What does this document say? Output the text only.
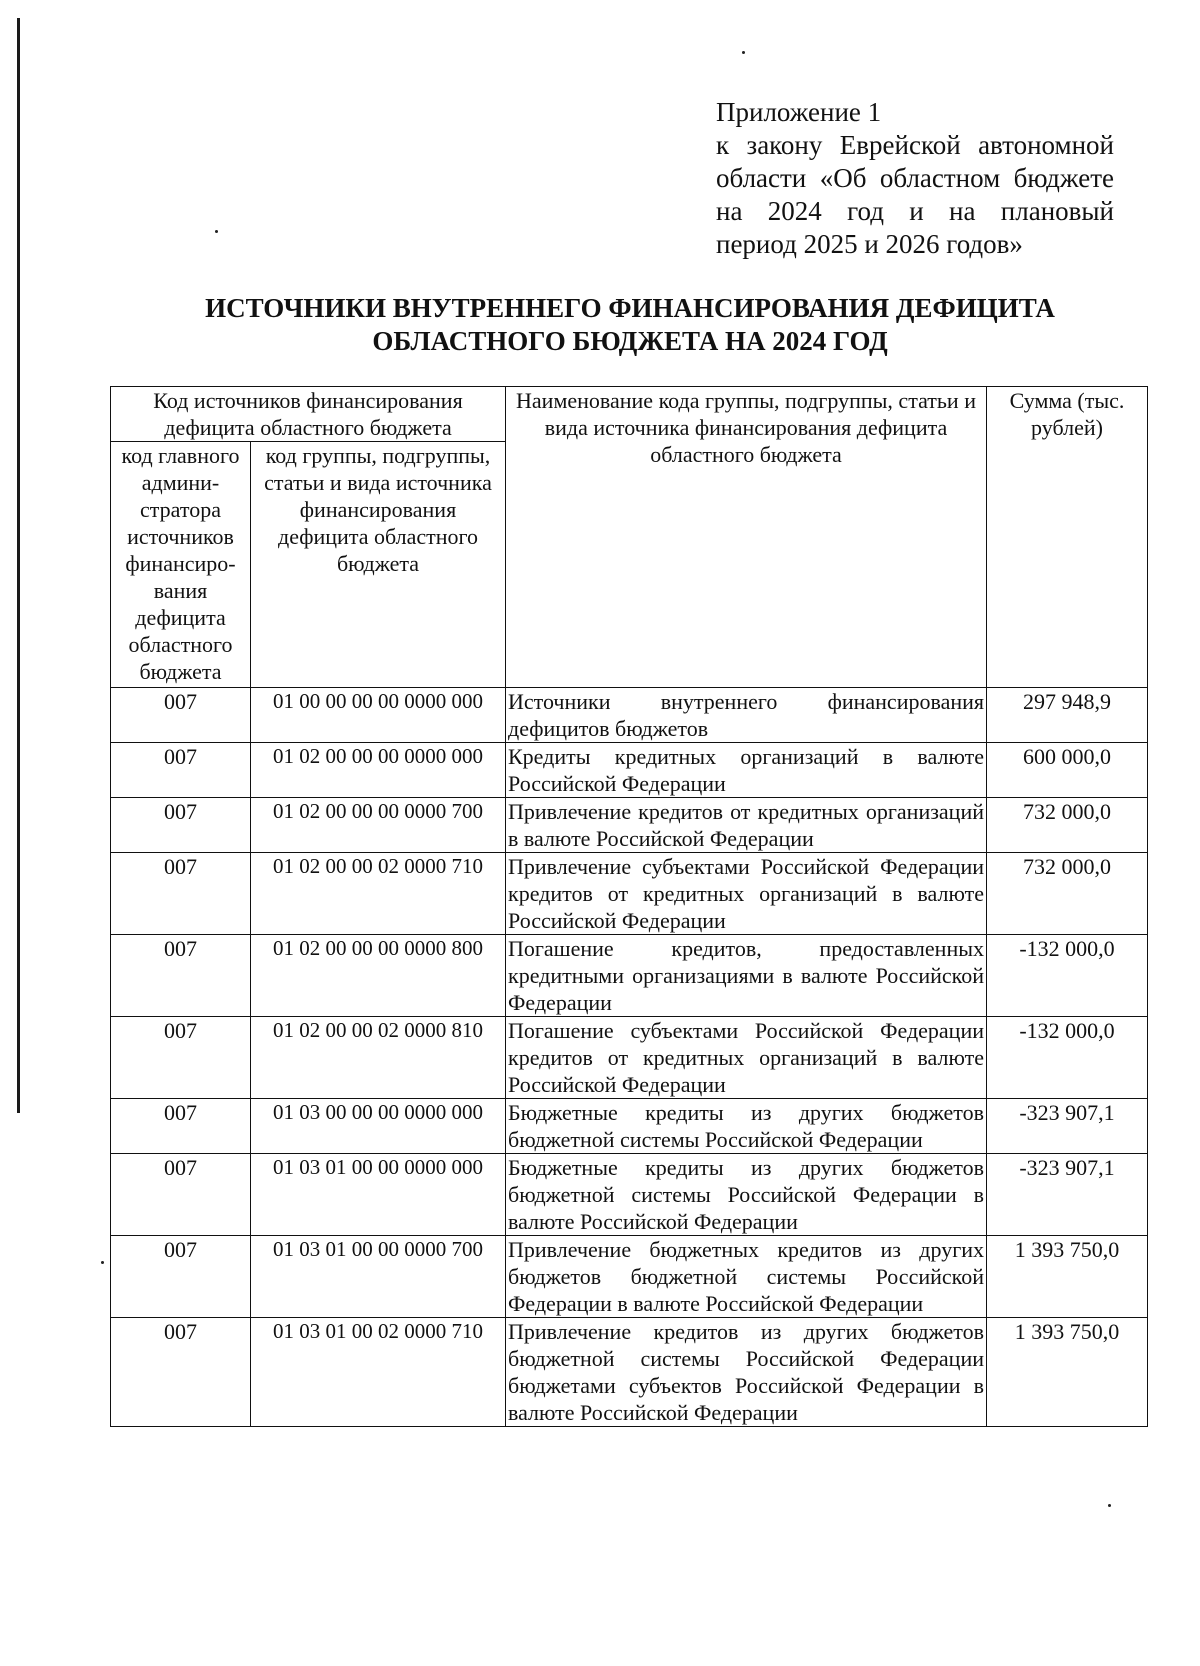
Приложение 1
к закону Еврейской автономной
области «Об областном бюджете
на 2024 год и на плановый
период 2025 и 2026 годов»
ИСТОЧНИКИ ВНУТРЕННЕГО ФИНАНСИРОВАНИЯ ДЕФИЦИТА
ОБЛАСТНОГО БЮДЖЕТА НА 2024 ГОД
Код источников финансирования дефицита областного бюджета		Наименование кода группы, подгруппы, статьи и вида источника финансирования дефицита областного бюджета	Сумма (тыс. рублей)
код главного админи-стратора источников финансиро-вания дефицита областного бюджета	код группы, подгруппы, статьи и вида источника финансирования дефицита областного бюджета		
007	01 00 00 00 00 0000 000	Источники внутреннего финансирования дефицитов бюджетов	297 948,9
007	01 02 00 00 00 0000 000	Кредиты кредитных организаций в валюте Российской Федерации	600 000,0
007	01 02 00 00 00 0000 700	Привлечение кредитов от кредитных организаций в валюте Российской Федерации	732 000,0
007	01 02 00 00 02 0000 710	Привлечение субъектами Российской Федерации кредитов от кредитных организаций в валюте Российской Федерации	732 000,0
007	01 02 00 00 00 0000 800	Погашение кредитов, предоставленных кредитными организациями в валюте Российской Федерации	-132 000,0
007	01 02 00 00 02 0000 810	Погашение субъектами Российской Федерации кредитов от кредитных организаций в валюте Российской Федерации	-132 000,0
007	01 03 00 00 00 0000 000	Бюджетные кредиты из других бюджетов бюджетной системы Российской Федерации	-323 907,1
007	01 03 01 00 00 0000 000	Бюджетные кредиты из других бюджетов бюджетной системы Российской Федерации в валюте Российской Федерации	-323 907,1
007	01 03 01 00 00 0000 700	Привлечение бюджетных кредитов из других бюджетов бюджетной системы Российской Федерации в валюте Российской Федерации	1 393 750,0
007	01 03 01 00 02 0000 710	Привлечение кредитов из других бюджетов бюджетной системы Российской Федерации бюджетами субъектов Российской Федерации в валюте Российской Федерации	1 393 750,0
